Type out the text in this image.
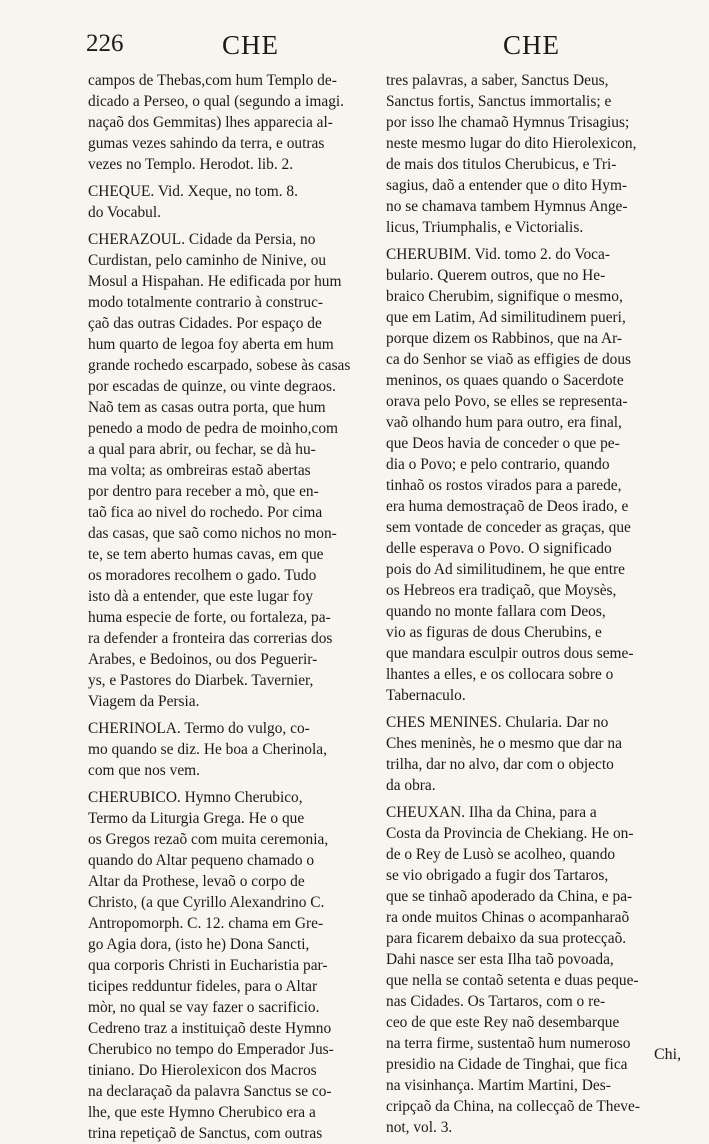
226	CHE	CHE
campos de Thebas,com hum Templo de-
dicado a Perseo, o qual (segundo a imagi.
naçaõ dos Gemmitas) lhes apparecia al-
gumas vezes sahindo da terra, e outras
vezes no Templo. Herodot. lib. 2.
CHEQUE. Vid. Xeque, no tom. 8.
do Vocabul.
CHERAZOUL. Cidade da Persia, no
Curdistan, pelo caminho de Ninive, ou
Mosul a Hispahan. He edificada por hum
modo totalmente contrario à construc-
çaõ das outras Cidades. Por espaço de
hum quarto de legoa foy aberta em hum
grande rochedo escarpado, sobese às casas
por escadas de quinze, ou vinte degraos.
Naõ tem as casas outra porta, que hum
penedo a modo de pedra de moinho,com
a qual para abrir, ou fechar, se dà hu-
ma volta; as ombreiras estaõ abertas
por dentro para receber a mò, que en-
taõ fica ao nivel do rochedo. Por cima
das casas, que saõ como nichos no mon-
te, se tem aberto humas cavas, em que
os moradores recolhem o gado. Tudo
isto dà a entender, que este lugar foy
huma especie de forte, ou fortaleza, pa-
ra defender a fronteira das correrias dos
Arabes, e Bedoinos, ou dos Peguerir-
ys, e Pastores do Diarbek. Tavernier,
Viagem da Persia.
CHERINOLA. Termo do vulgo, co-
mo quando se diz. He boa a Cherinola,
com que nos vem.
CHERUBICO. Hymno Cherubico,
Termo da Liturgia Grega. He o que
os Gregos rezaõ com muita ceremonia,
quando do Altar pequeno chamado o
Altar da Prothese, levaõ o corpo de
Christo, (a que Cyrillo Alexandrino C.
Antropomorph. C. 12. chama em Gre-
go Agia dora, (isto he) Dona Sancti,
qua corporis Christi in Eucharistia par-
ticipes redduntur fideles, para o Altar
mòr, no qual se vay fazer o sacrificio.
Cedreno traz a instituiçaõ deste Hymno
Cherubico no tempo do Emperador Jus-
tiniano. Do Hierolexicon dos Macros
na declaraçaõ da palavra Sanctus se co-
lhe, que este Hymno Cherubico era a
trina repetiçaõ de Sanctus, com outras
tres palavras, a saber, Sanctus Deus,
Sanctus fortis, Sanctus immortalis; e
por isso lhe chamaõ Hymnus Trisagius;
neste mesmo lugar do dito Hierolexicon,
de mais dos titulos Cherubicus, e Tri-
sagius, daõ a entender que o dito Hym-
no se chamava tambem Hymnus Ange-
licus, Triumphalis, e Victorialis.
CHERUBIM. Vid. tomo 2. do Voca-
bulario. Querem outros, que no He-
braico Cherubim, signifique o mesmo,
que em Latim, Ad similitudinem pueri,
porque dizem os Rabbinos, que na Ar-
ca do Senhor se viaõ as effigies de dous
meninos, os quaes quando o Sacerdote
orava pelo Povo, se elles se representa-
vaõ olhando hum para outro, era final,
que Deos havia de conceder o que pe-
dia o Povo; e pelo contrario, quando
tinhaõ os rostos virados para a parede,
era huma demostraçaõ de Deos irado, e
sem vontade de conceder as graças, que
delle esperava o Povo. O significado
pois do Ad similitudinem, he que entre
os Hebreos era tradiçaõ, que Moysès,
quando no monte fallara com Deos,
vio as figuras de dous Cherubins, e
que mandara esculpir outros dous seme-
lhantes a elles, e os collocara sobre o
Tabernaculo.
CHES MENINES. Chularia. Dar no
Ches meninès, he o mesmo que dar na
trilha, dar no alvo, dar com o objecto
da obra.
CHEUXAN. Ilha da China, para a
Costa da Provincia de Chekiang. He on-
de o Rey de Lusò se acolheo, quando
se vio obrigado a fugir dos Tartaros,
que se tinhaõ apoderado da China, e pa-
ra onde muitos Chinas o acompanharaõ
para ficarem debaixo da sua protecçaõ.
Dahi nasce ser esta Ilha taõ povoada,
que nella se contaõ setenta e duas peque-
nas Cidades. Os Tartaros, com o re-
ceo de que este Rey naõ desembarque
na terra firme, sustentaõ hum numeroso
presidio na Cidade de Tinghai, que fica
na visinhança. Martim Martini, Des-
cripçaõ da China, na collecçaõ de Theve-
not, vol. 3.
Chi,
